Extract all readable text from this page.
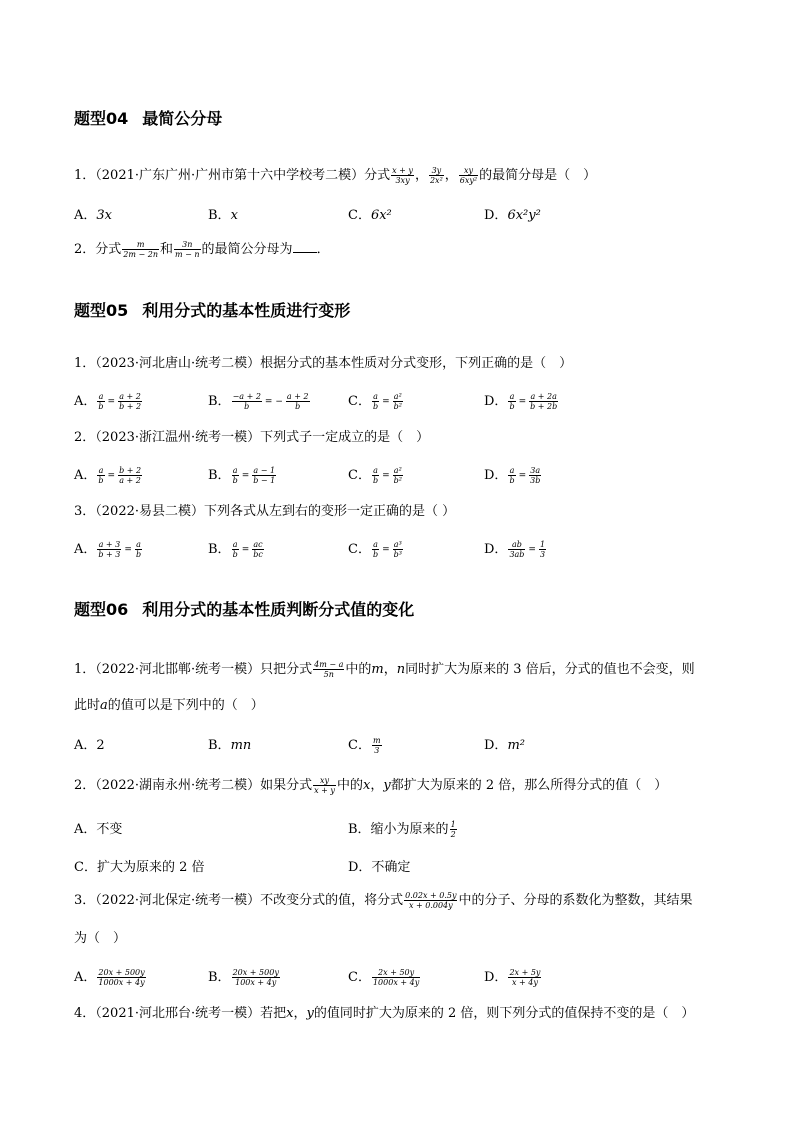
题型04 最简公分母
1．（2021·广东广州·广州市第十六中学校考二模）分式 $\frac{x + y}{3xy}$ ， $\frac{3y}{\text{2x²}}$ ， $\frac{xy}{\text{6xy²}}$ 的最简分母是（　）
A．3x	B．x	C．6x²	D．6x²y²
2．分式 $\frac{m}{2m - 2n}$ 和 $\frac{3n}{m - n}$ 的最简公分母为 ．
题型05 利用分式的基本性质进行变形
1．（2023·河北唐山·统考二模）根据分式的基本性质对分式变形，下列正确的是（　）
A． $\frac{a}{b} = \frac{a + 2}{b + 2}$	B． $\frac{-a + 2}{b}$ = − $\frac{a + 2}{b}$	C． $\frac{a}{b} = \frac{\text{a²}}{\text{b²}}$	D． $\frac{a}{b} = \frac{a + 2a}{b + 2b}$
2．（2023·浙江温州·统考一模）下列式子一定成立的是（　）
A． $\frac{a}{b} = \frac{b + 2}{a + 2}$	B． $\frac{a}{b} = \frac{a - 1}{b - 1}$	C． $\frac{a}{b} = \frac{\text{a²}}{\text{b²}}$	D． $\frac{a}{b} = \frac{3a}{3b}$
3．（2022·易县二模）下列各式从左到右的变形一定正确的是（ ）
A． $\frac{a + 3}{b + 3} = \frac{a}{b}$	B． $\frac{a}{b} = \frac{ac}{bc}$	C． $\frac{a}{b} = \frac{\text{a³}}{\text{b³}}$	D． $\frac{ab}{3ab} = \frac{1}{3}$
题型06 利用分式的基本性质判断分式值的变化
1．（2022·河北邯郸·统考一模）只把分式 $\frac{4m - a}{5n}$ 中的m，n同时扩大为原来的 3 倍后，分式的值也不会变，则
此时a的值可以是下列中的（　）
A．2	B．mn	C． $\frac{m}{3}$	D．m²
2．（2022·湖南永州·统考二模）如果分式 $\frac{xy}{x + y}$ 中的x，y都扩大为原来的 2 倍，那么所得分式的值（　）
A．不变	B．缩小为原来的 $\frac{1}{2}$
C．扩大为原来的 2 倍	D．不确定
3．（2022·河北保定·统考一模）不改变分式的值，将分式 $\frac{0.02x + 0.5y}{x + 0.004y}$ 中的分子、分母的系数化为整数，其结果
为（　）
A． $\frac{20x + 500y}{1000x + 4y}$	B． $\frac{20x + 500y}{100x + 4y}$	C． $\frac{2x + 50y}{1000x + 4y}$	D． $\frac{2x + 5y}{x + 4y}$
4．（2021·河北邢台·统考一模）若把x，y的值同时扩大为原来的 2 倍，则下列分式的值保持不变的是（　）
